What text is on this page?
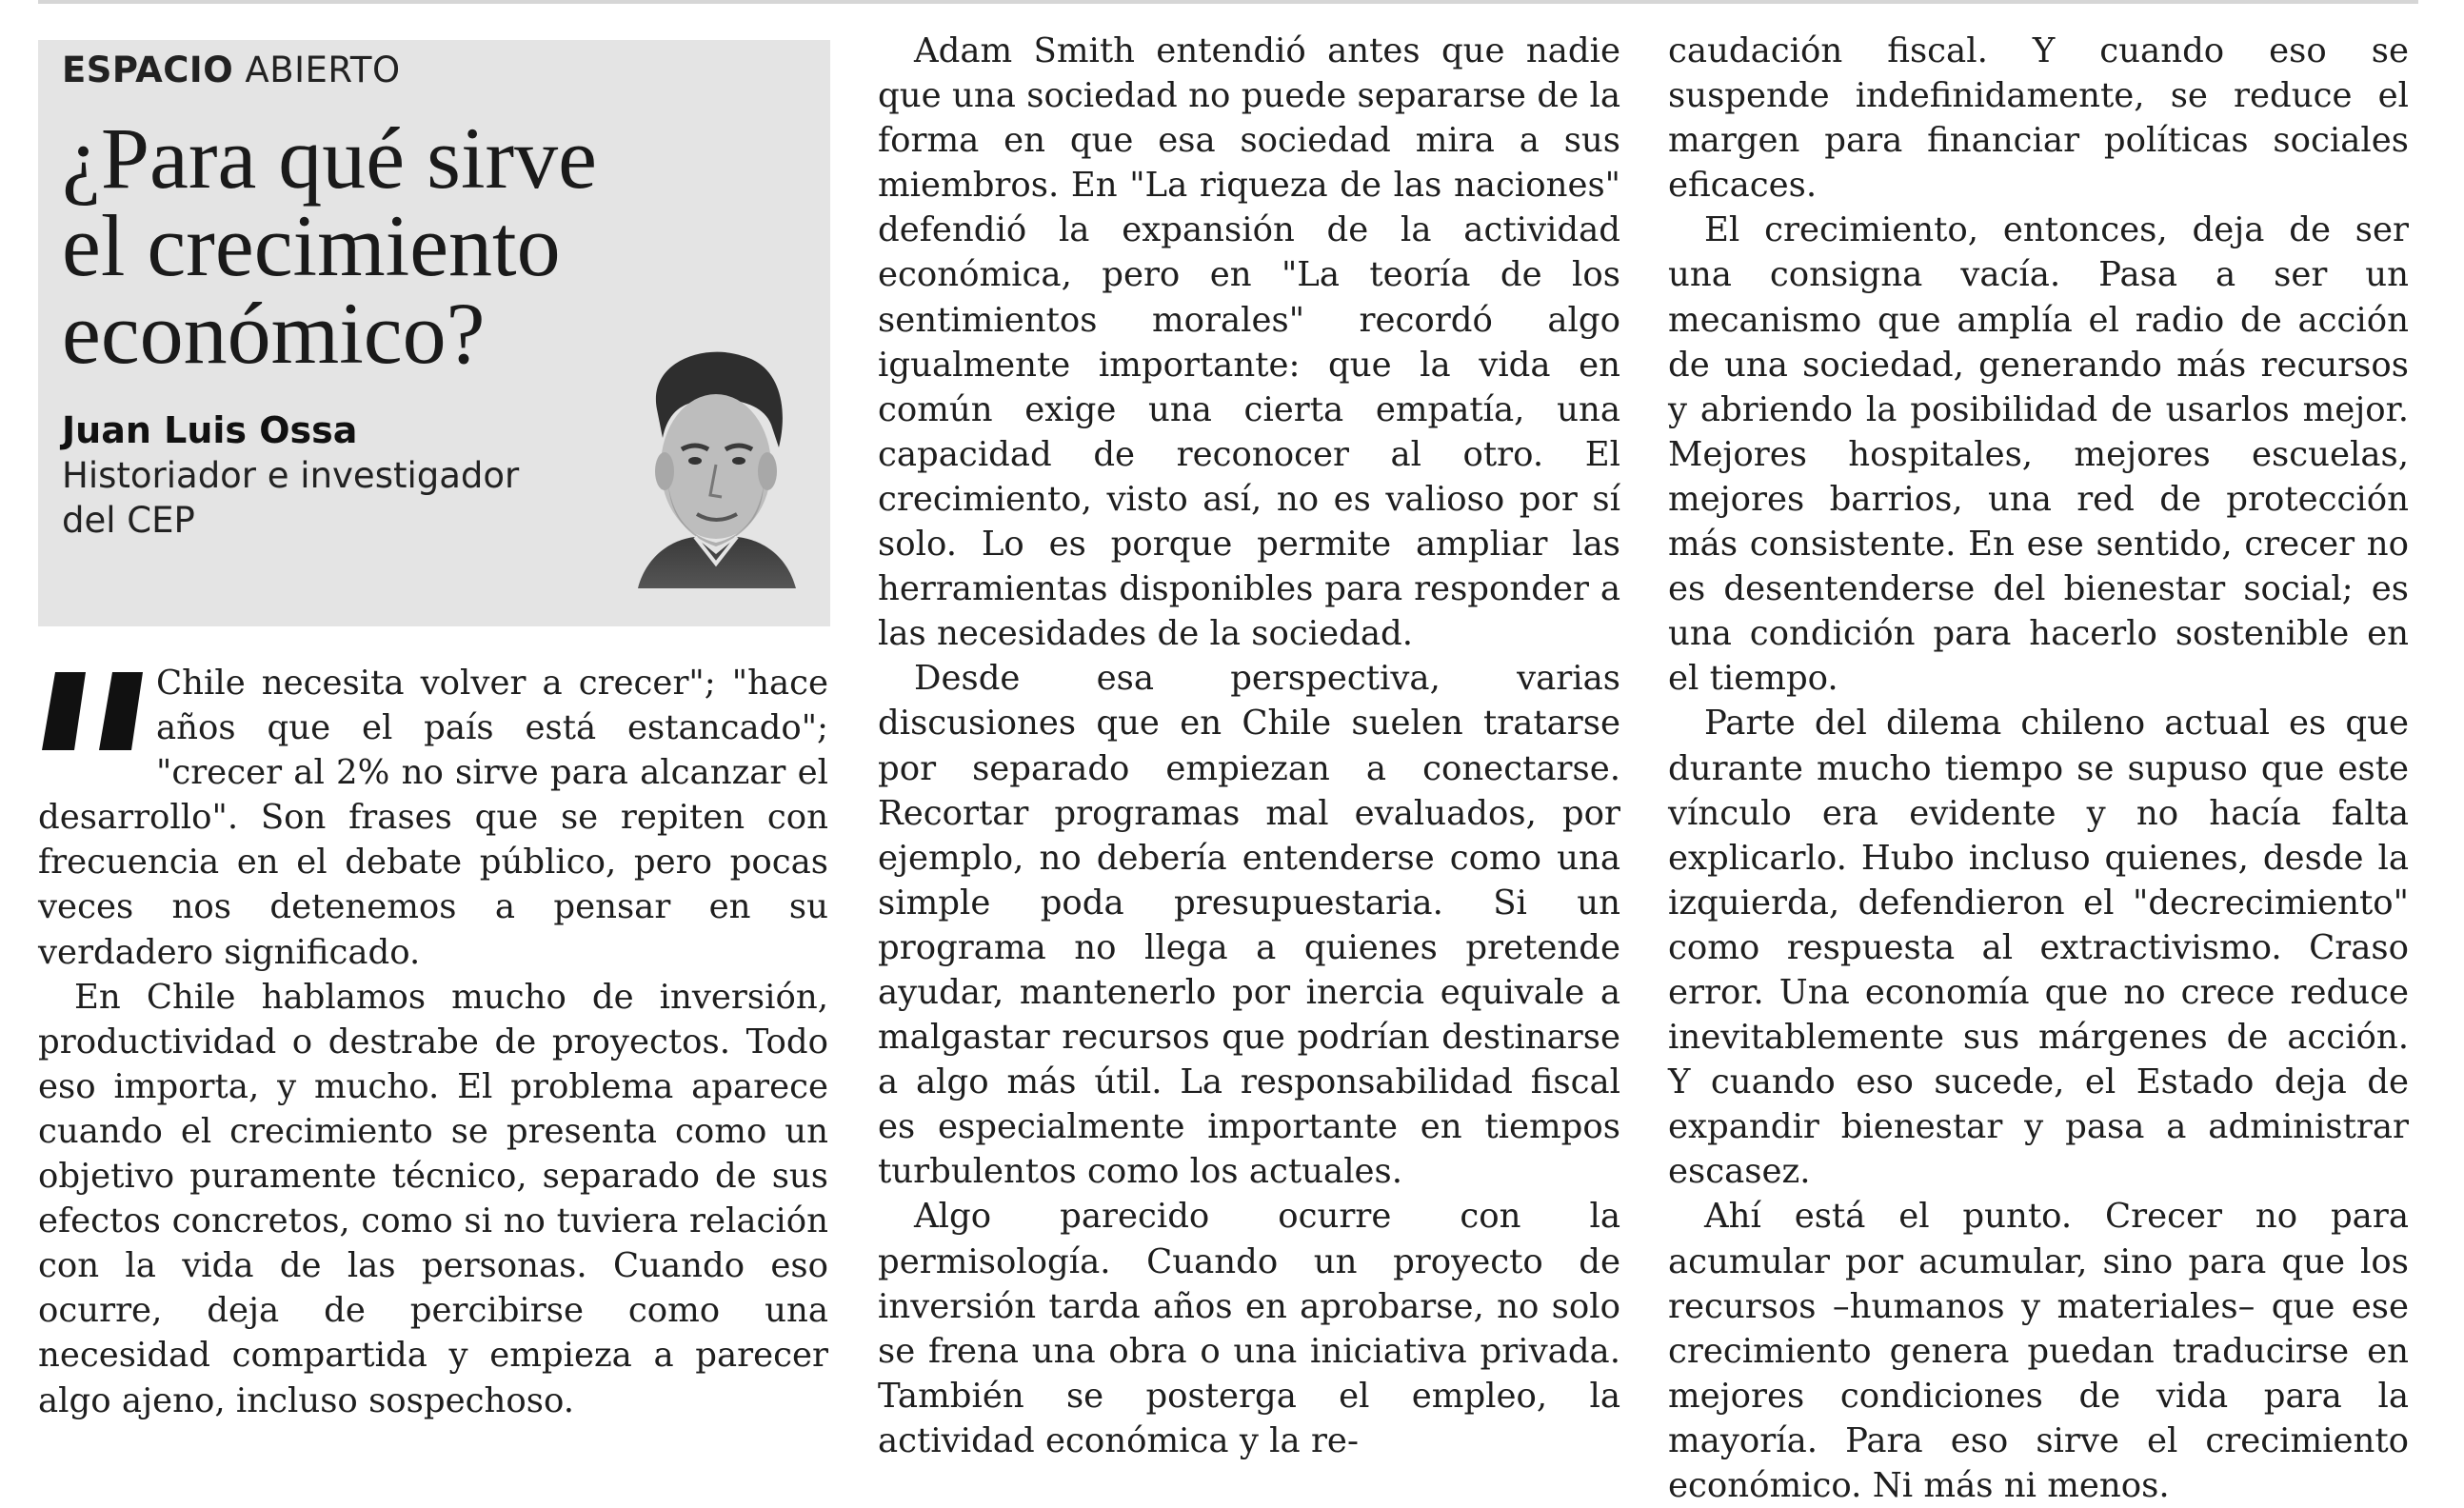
ESPACIO ABIERTO
¿Para qué sirve el crecimiento económico?
Juan Luis Ossa
Historiador e investigador
del CEP

Chile necesita volver a crecer"; "hace años que el país está estancado"; "crecer al 2% no sirve para alcanzar el desarrollo". Son frases que se repiten con frecuencia en el debate público, pero pocas veces nos detenemos a pensar en su verdadero significado.

En Chile hablamos mucho de inversión, productividad o destrabe de proyectos. Todo eso importa, y mucho. El problema aparece cuando el crecimiento se presenta como un objetivo puramente técnico, separado de sus efectos concretos, como si no tuviera relación con la vida de las personas. Cuando eso ocurre, deja de percibirse como una necesidad compartida y empieza a parecer algo ajeno, incluso sospechoso.

Adam Smith entendió antes que nadie que una sociedad no puede separarse de la forma en que esa sociedad mira a sus miembros. En "La riqueza de las naciones" defendió la expansión de la actividad económica, pero en "La teoría de los sentimientos morales" recordó algo igualmente importante: que la vida en común exige una cierta empatía, una capacidad de reconocer al otro. El crecimiento, visto así, no es valioso por sí solo. Lo es porque permite ampliar las herramientas disponibles para responder a las necesidades de la sociedad.

Desde esa perspectiva, varias discusiones que en Chile suelen tratarse por separado empiezan a conectarse. Recortar programas mal evaluados, por ejemplo, no debería entenderse como una simple poda presupuestaria. Si un programa no llega a quienes pretende ayudar, mantenerlo por inercia equivale a malgastar recursos que podrían destinarse a algo más útil. La responsabilidad fiscal es especialmente importante en tiempos turbulentos como los actuales.

Algo parecido ocurre con la permisología. Cuando un proyecto de inversión tarda años en aprobarse, no solo se frena una obra o una iniciativa privada. También se posterga el empleo, la actividad económica y la re-

caudación fiscal. Y cuando eso se suspende indefinidamente, se reduce el margen para financiar políticas sociales eficaces.

El crecimiento, entonces, deja de ser una consigna vacía. Pasa a ser un mecanismo que amplía el radio de acción de una sociedad, generando más recursos y abriendo la posibilidad de usarlos mejor. Mejores hospitales, mejores escuelas, mejores barrios, una red de protección más consistente. En ese sentido, crecer no es desentenderse del bienestar social; es una condición para hacerlo sostenible en el tiempo.

Parte del dilema chileno actual es que durante mucho tiempo se supuso que este vínculo era evidente y no hacía falta explicarlo. Hubo incluso quienes, desde la izquierda, defendieron el "decrecimiento" como respuesta al extractivismo. Craso error. Una economía que no crece reduce inevitablemente sus márgenes de acción. Y cuando eso sucede, el Estado deja de expandir bienestar y pasa a administrar escasez.

Ahí está el punto. Crecer no para acumular por acumular, sino para que los recursos –humanos y materiales– que ese crecimiento genera puedan traducirse en mejores condiciones de vida para la mayoría. Para eso sirve el crecimiento económico. Ni más ni menos.
